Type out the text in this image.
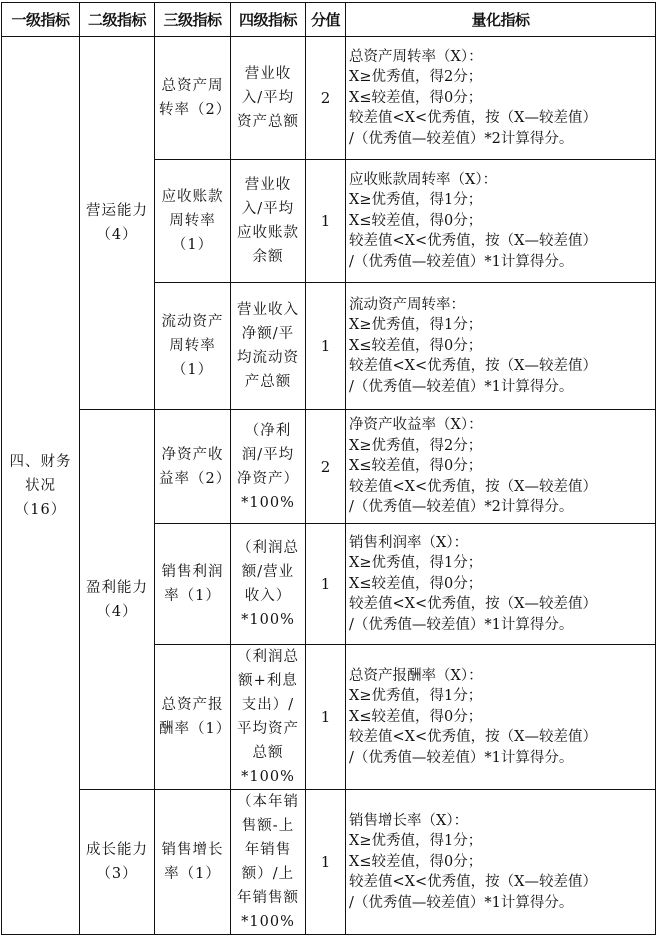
一级指标	二级指标	三级指标	四级指标	分值	量化指标
四、财务状况（16）	营运能力（4）	总资产周转率（2）	营业收入/平均资产总额	2	总资产周转率（X）：
X≥优秀值，得2分；
X≤较差值，得0分；
较差值<X<优秀值，按（X—较差值）
/（优秀值—较差值）*2计算得分。

		应收账款周转率（1）	营业收入/平均应收账款余额	1	应收账款周转率（X）：
X≥优秀值，得1分；
X≤较差值，得0分；
较差值<X<优秀值，按（X—较差值）
/（优秀值—较差值）*1计算得分。

		流动资产周转率（1）	营业收入净额/平均流动资产总额	1	流动资产周转率：
X≥优秀值，得1分；
X≤较差值，得0分；
较差值<X<优秀值，按（X—较差值）
/（优秀值—较差值）*1计算得分。

	盈利能力（4）	净资产收益率（2）	（净利润/平均净资产）*100%	2	净资产收益率（X）：
X≥优秀值，得2分；
X≤较差值，得0分；
较差值<X<优秀值，按（X—较差值）
/（优秀值—较差值）*2计算得分。

		销售利润率（1）	（利润总额/营业收入）*100%	1	销售利润率（X）：
X≥优秀值，得1分；
X≤较差值，得0分；
较差值<X<优秀值，按（X—较差值）
/（优秀值—较差值）*1计算得分。

		总资产报酬率（1）	（利润总额+利息支出）/平均资产总额*100%	1	总资产报酬率（X）：
X≥优秀值，得1分；
X≤较差值，得0分；
较差值<X<优秀值，按（X—较差值）
/（优秀值—较差值）*1计算得分。

	成长能力（3）	销售增长率（1）	（本年销售额-上年销售额）/上年销售额*100%	1	销售增长率（X）：
X≥优秀值，得1分；
X≤较差值，得0分；
较差值<X<优秀值，按（X—较差值）
/（优秀值—较差值）*1计算得分。
